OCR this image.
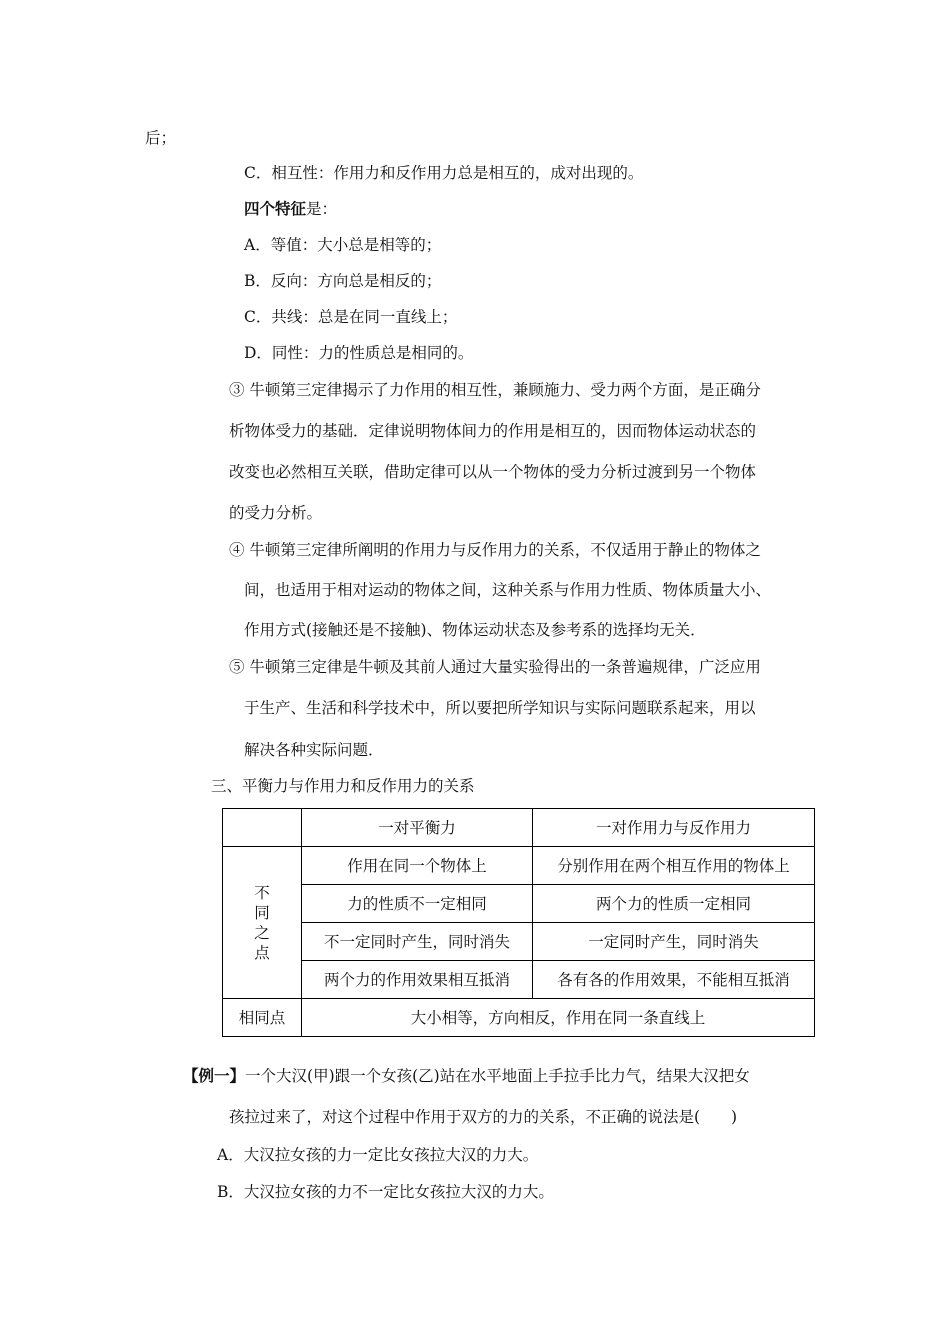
后；
C．相互性：作用力和反作用力总是相互的，成对出现的。
四个特征是：
A．等值：大小总是相等的；
B．反向：方向总是相反的；
C．共线：总是在同一直线上；
D．同性：力的性质总是相同的。
③ 牛顿第三定律揭示了力作用的相互性，兼顾施力、受力两个方面，是正确分
析物体受力的基础．定律说明物体间力的作用是相互的，因而物体运动状态的
改变也必然相互关联，借助定律可以从一个物体的受力分析过渡到另一个物体
的受力分析。
④ 牛顿第三定律所阐明的作用力与反作用力的关系，不仅适用于静止的物体之
间，也适用于相对运动的物体之间，这种关系与作用力性质、物体质量大小、
作用方式(接触还是不接触)、物体运动状态及参考系的选择均无关．
⑤ 牛顿第三定律是牛顿及其前人通过大量实验得出的一条普遍规律，广泛应用
于生产、生活和科学技术中，所以要把所学知识与实际问题联系起来，用以
解决各种实际问题．
三、平衡力与作用力和反作用力的关系
	一对平衡力	一对作用力与反作用力

不
同
之
点	作用在同一个物体上	分别作用在两个相互作用的物体上
	力的性质不一定相同	两个力的性质一定相同
	不一定同时产生，同时消失	一定同时产生，同时消失
	两个力的作用效果相互抵消	各有各的作用效果，不能相互抵消
相同点	大小相等，方向相反，作用在同一条直线上	
【例一】一个大汉(甲)跟一个女孩(乙)站在水平地面上手拉手比力气，结果大汉把女
孩拉过来了，对这个过程中作用于双方的力的关系，不正确的说法是(　　)
A．大汉拉女孩的力一定比女孩拉大汉的力大。
B．大汉拉女孩的力不一定比女孩拉大汉的力大。
